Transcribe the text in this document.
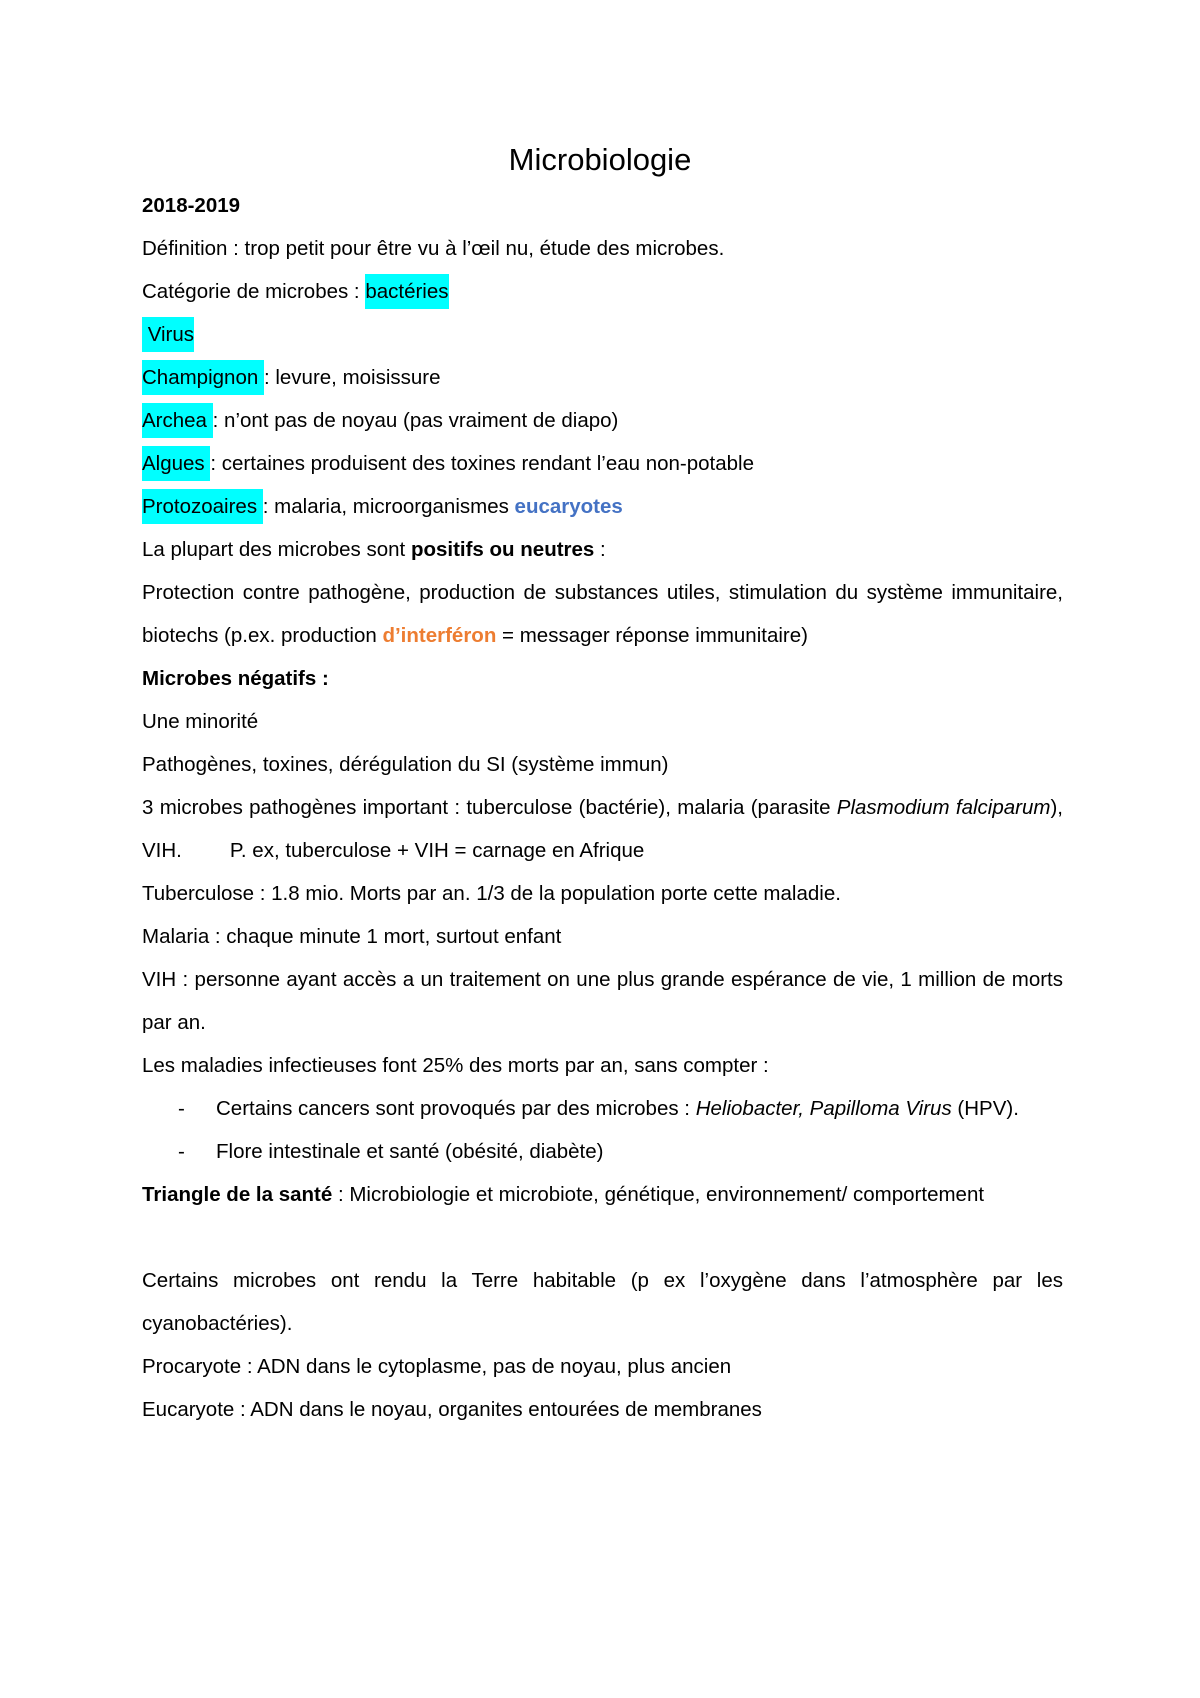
Microbiologie

2018-2019

Définition : trop petit pour être vu à l’œil nu, étude des microbes.

Catégorie de microbes : bactéries

Virus

Champignon : levure, moisissure

Archea : n’ont pas de noyau (pas vraiment de diapo)

Algues : certaines produisent des toxines rendant l’eau non-potable

Protozoaires : malaria, microorganismes eucaryotes

La plupart des microbes sont positifs ou neutres :

Protection contre pathogène, production de substances utiles, stimulation du système immunitaire, biotechs (p.ex. production d’interféron = messager réponse immunitaire)

Microbes négatifs :

Une minorité

Pathogènes, toxines, dérégulation du SI (système immun)

3 microbes pathogènes important : tuberculose (bactérie), malaria (parasite Plasmodium falciparum), VIH. P. ex, tuberculose + VIH = carnage en Afrique

Tuberculose : 1.8 mio. Morts par an. 1/3 de la population porte cette maladie.

Malaria : chaque minute 1 mort, surtout enfant

VIH : personne ayant accès a un traitement on une plus grande espérance de vie, 1 million de morts par an.

Les maladies infectieuses font 25% des morts par an, sans compter :

- Certains cancers sont provoqués par des microbes : Heliobacter, Papilloma Virus (HPV).
- Flore intestinale et santé (obésité, diabète)

Triangle de la santé : Microbiologie et microbiote, génétique, environnement/ comportement

Certains microbes ont rendu la Terre habitable (p ex l’oxygène dans l’atmosphère par les cyanobactéries).

Procaryote : ADN dans le cytoplasme, pas de noyau, plus ancien

Eucaryote : ADN dans le noyau, organites entourées de membranes
